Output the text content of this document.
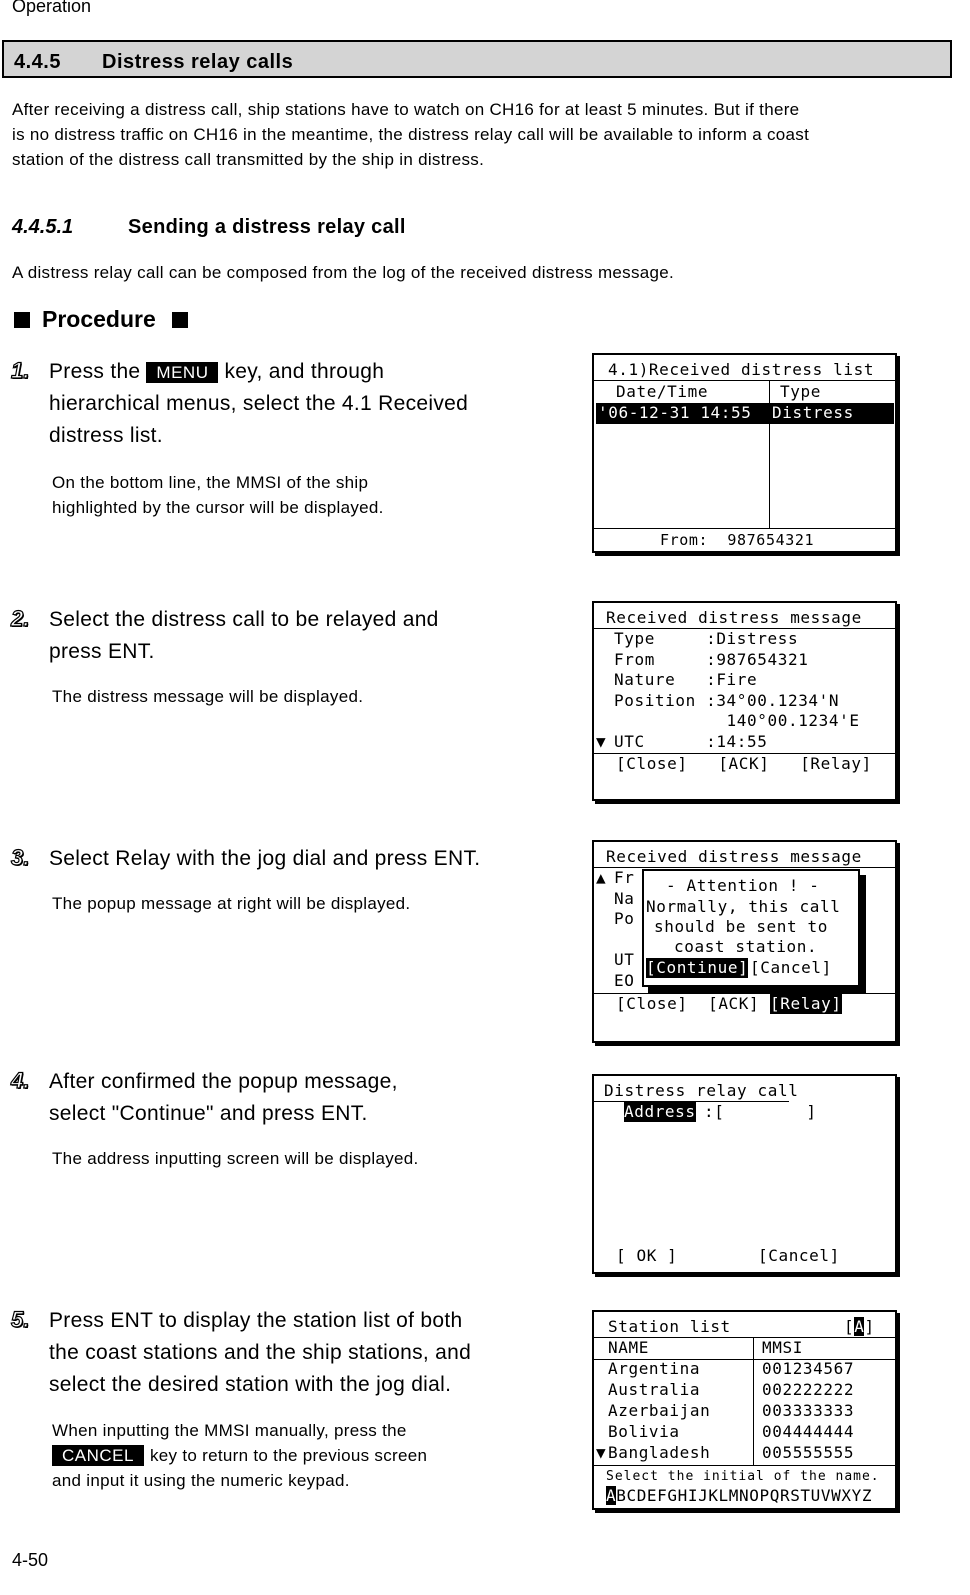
Operation
4.4.5 Distress relay calls
After receiving a distress call, ship stations have to watch on CH16 for at least 5 minutes. But if there
is no distress traffic on CH16 in the meantime, the distress relay call will be available to inform a coast
station of the distress call transmitted by the ship in distress.
4.4.5.1	Sending a distress relay call
A distress relay call can be composed from the log of the received distress message.
Procedure
1. Press the MENU key, and through
hierarchical menus, select the 4.1 Received
distress list.
On the bottom line, the MMSI of the ship
highlighted by the cursor will be displayed.
2. Select the distress call to be relayed and
press ENT.
The distress message will be displayed.
3. Select Relay with the jog dial and press ENT.
The popup message at right will be displayed.
4. After confirmed the popup message,
select "Continue" and press ENT.
The address inputting screen will be displayed.
5. Press ENT to display the station list of both
the coast stations and the ship stations, and
select the desired station with the jog dial.
When inputting the MMSI manually, press the
CANCEL key to return to the previous screen
and input it using the numeric keypad.
4.1)Received distress list
Date/Time	Type
'06-12-31 14:55 Distress
From:  987654321
Received distress message
Type     :Distress
From     :987654321
Nature   :Fire
Position :34°00.1234'N
140°00.1234'E
▼ UTC      :14:55
[Close]   [ACK]   [Relay]
Received distress message
▲ Fr
Na
Po
UT
EO
[Close]  [ACK] [Relay]
- Attention ! -
Normally, this call
should be sent to
coast station.
[Continue] [Cancel]
Distress relay call
Address :[        ]
[ OK ]	[Cancel]
Station list	[A]
NAME	MMSI
Argentina	001234567
Australia	002222222
Azerbaijan	003333333
Bolivia	004444444
▼ Bangladesh	005555555
Select the initial of the name.
ABCDEFGHIJKLMNOPQRSTUVWXYZ
4-50
